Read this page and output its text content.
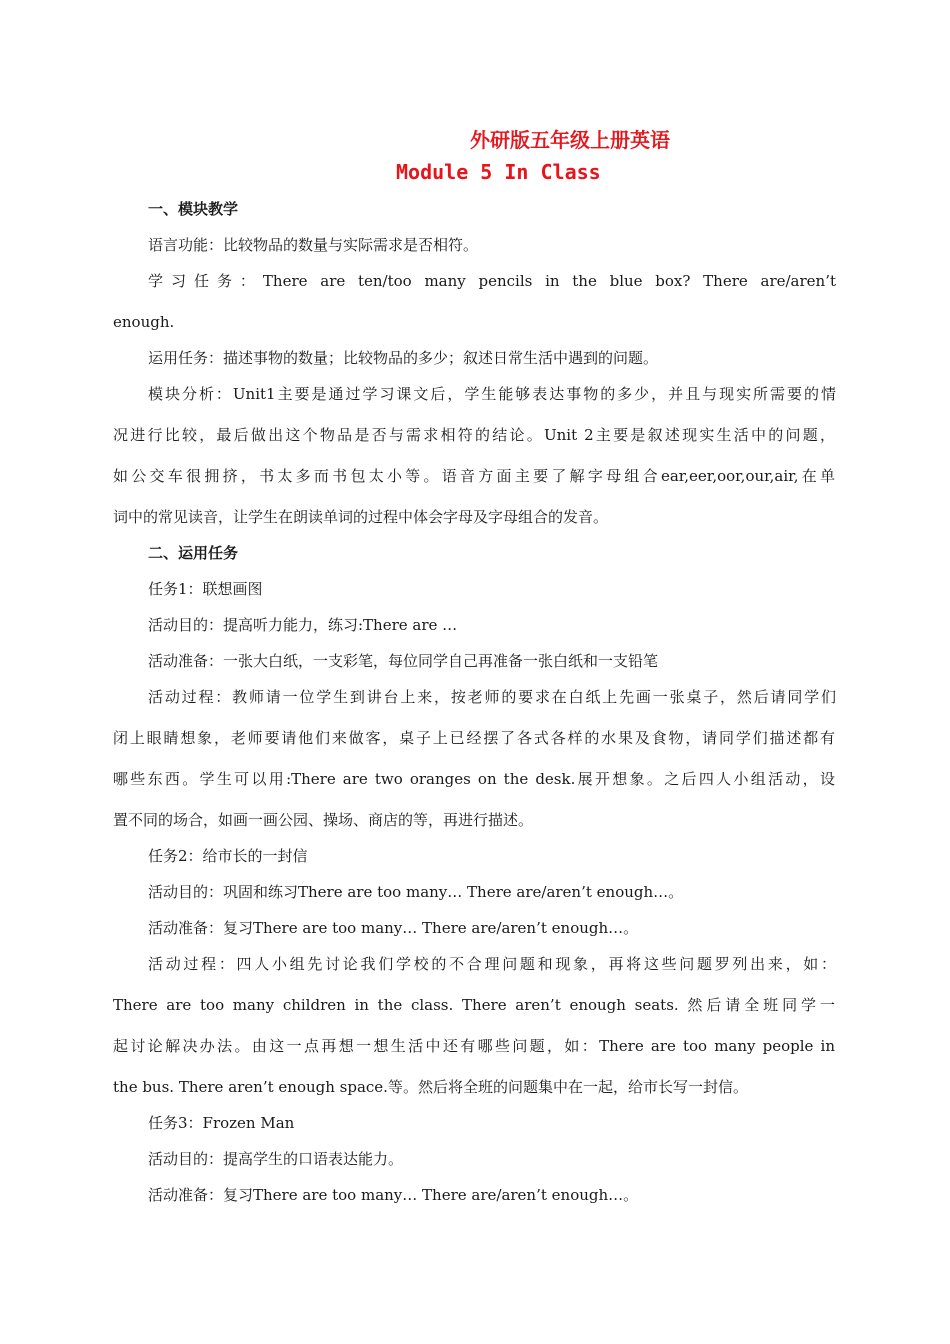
外研版五年级上册英语
Module 5 In Class
一、模块教学
语言功能：比较物品的数量与实际需求是否相符。
学习任务：There are ten/too many pencils in the blue box? There are/aren’t
enough.
运用任务：描述事物的数量；比较物品的多少；叙述日常生活中遇到的问题。
模块分析：Unit1主要是通过学习课文后，学生能够表达事物的多少，并且与现实所需要的情
况进行比较，最后做出这个物品是否与需求相符的结论。Unit 2主要是叙述现实生活中的问题，
如公交车很拥挤，书太多而书包太小等。语音方面主要了解字母组合ear,eer,oor,our,air,在单
词中的常见读音，让学生在朗读单词的过程中体会字母及字母组合的发音。
二、运用任务
任务1：联想画图
活动目的：提高听力能力，练习:There are …
活动准备：一张大白纸，一支彩笔，每位同学自己再准备一张白纸和一支铅笔
活动过程：教师请一位学生到讲台上来，按老师的要求在白纸上先画一张桌子，然后请同学们
闭上眼睛想象，老师要请他们来做客，桌子上已经摆了各式各样的水果及食物，请同学们描述都有
哪些东西。学生可以用:There are two oranges on the desk.展开想象。之后四人小组活动，设
置不同的场合，如画一画公园、操场、商店的等，再进行描述。
任务2：给市长的一封信
活动目的：巩固和练习There are too many… There are/aren’t enough…。
活动准备：复习There are too many… There are/aren’t enough…。
活动过程：四人小组先讨论我们学校的不合理问题和现象，再将这些问题罗列出来，如：
There are too many children in the class. There aren’t enough seats. 然后请全班同学一
起讨论解决办法。由这一点再想一想生活中还有哪些问题，如：There are too many people in
the bus. There aren’t enough space.等。然后将全班的问题集中在一起，给市长写一封信。
任务3：Frozen Man
活动目的：提高学生的口语表达能力。
活动准备：复习There are too many… There are/aren’t enough…。
